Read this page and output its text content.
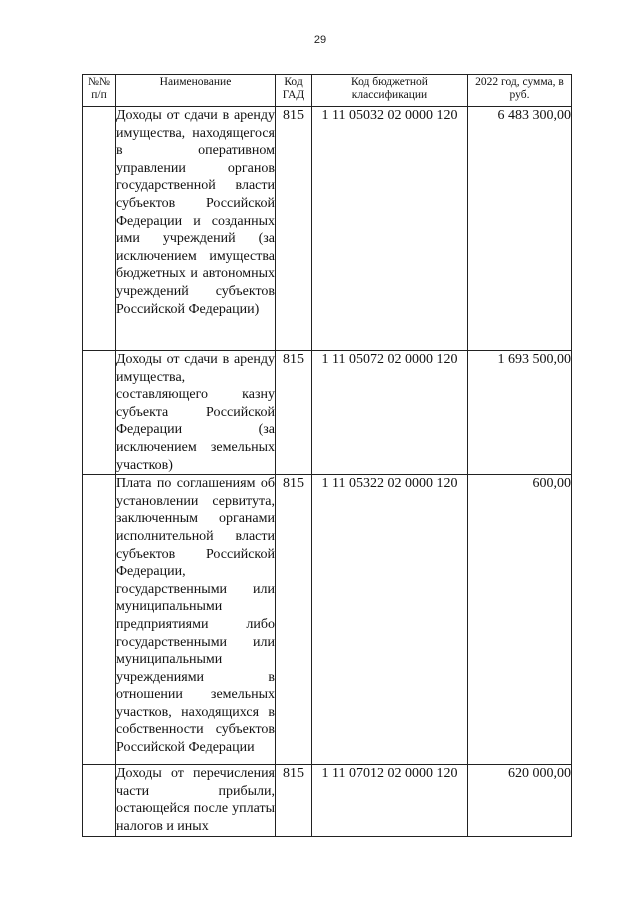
29
№№ п/п	Наименование	Код ГАД	Код бюджетной классификации	2022 год, сумма, в руб.
	Доходы от сдачи в аренду имущества, находящегося в оперативном управлении органов государственной власти субъектов Российской Федерации и созданных ими учреждений (за исключением имущества бюджетных и автономных учреждений субъектов Российской Федерации)	815	1 11 05032 02 0000 120	6 483 300,00
	Доходы от сдачи в аренду имущества, составляющего казну субъекта Российской Федерации (за исключением земельных участков)	815	1 11 05072 02 0000 120	1 693 500,00
	Плата по соглашениям об установлении сервитута, заключенным органами исполнительной власти субъектов Российской Федерации, государственными или муниципальными предприятиями либо государственными или муниципальными учреждениями в отношении земельных участков, находящихся в собственности субъектов Российской Федерации	815	1 11 05322 02 0000 120	600,00
	Доходы от перечисления части прибыли, остающейся после уплаты налогов и иных	815	1 11 07012 02 0000 120	620 000,00
